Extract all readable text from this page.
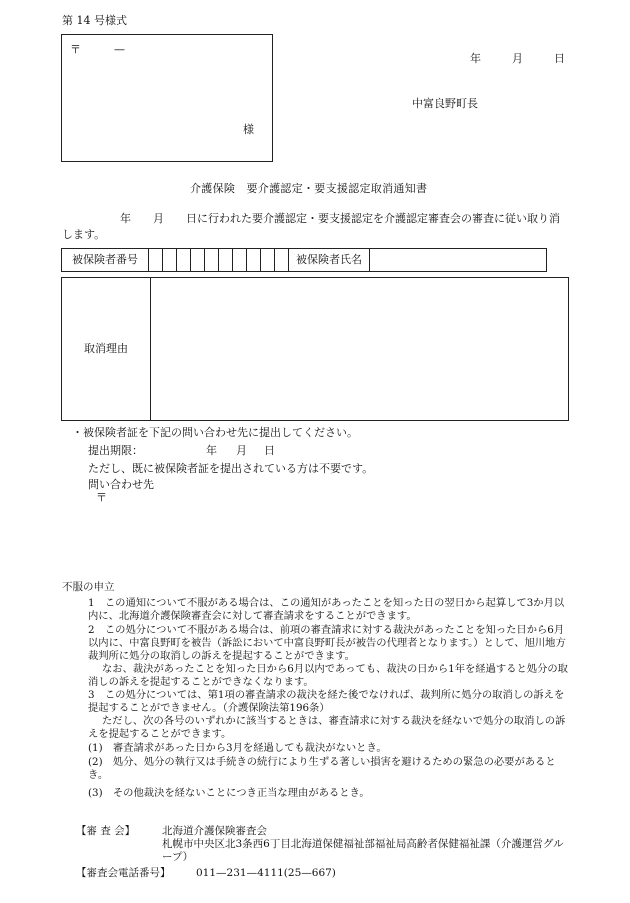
第 14 号様式
〒	—
様
年	月	日
中富良野町長
介護保険　要介護認定・要支援認定取消通知書
年　　月　　日に行われた要介護認定・要支援認定を介護認定審査会の審査に従い取り消します。
被保険者番号											被保険者氏名	
取消理由
・被保険者証を下記の問い合わせ先に提出してください。
提出期限：	年 月 日
ただし、既に被保険者証を提出されている方は不要です。
問い合わせ先
〒
不服の申立
1　この通知について不服がある場合は、この通知があったことを知った日の翌日から起算して3か月以内に、北海道介護保険審査会に対して審査請求をすることができます。
2　この処分について不服がある場合は、前項の審査請求に対する裁決があったことを知った日から6月以内に、中富良野町を被告（訴訟において中富良野町長が被告の代理者となります。）として、旭川地方裁判所に処分の取消しの訴えを提起することができます。
なお、裁決があったことを知った日から6月以内であっても、裁決の日から1年を経過すると処分の取消しの訴えを提起することができなくなります。
3　この処分については、第1項の審査請求の裁決を経た後でなければ、裁判所に処分の取消しの訴えを提起することができません。（介護保険法第196条）
ただし、次の各号のいずれかに該当するときは、審査請求に対する裁決を経ないで処分の取消しの訴えを提起することができます。
(1)　審査請求があった日から3月を経過しても裁決がないとき。
(2)　処分、処分の執行又は手続きの続行により生ずる著しい損害を避けるための緊急の必要があるとき。
(3)　その他裁決を経ないことにつき正当な理由があるとき。
【審 査 会】	北海道介護保険審査会
札幌市中央区北3条西6丁目北海道保健福祉部福祉局高齢者保健福祉課（介護運営グループ）
【審査会電話番号】 011—231—4111(25—667)
